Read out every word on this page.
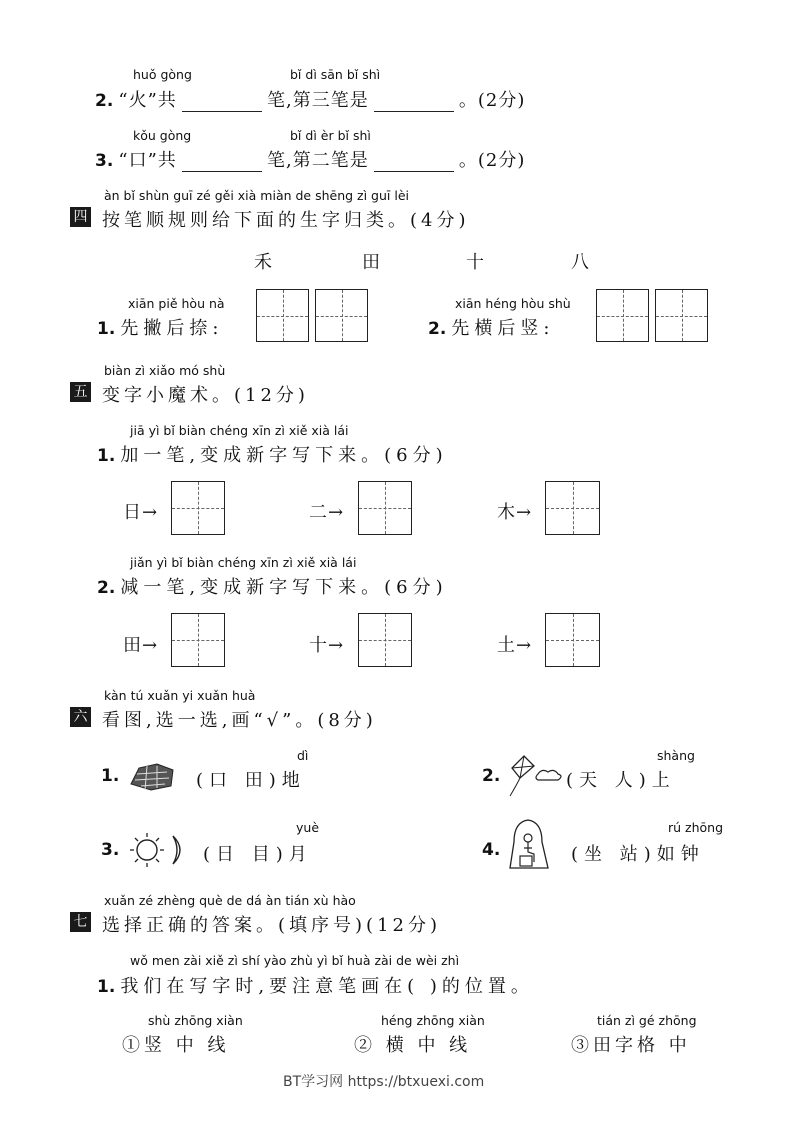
huǒ gòng	bǐ dì sān bǐ shì
2. “火”共	笔,第三笔是	。(2分)
kǒu gòng	bǐ dì èr bǐ shì
3. “口”共	笔,第二笔是	。(2分)
àn bǐ shùn guī zé gěi xià miàn de shēng zì guī lèi
四 按笔顺规则给下面的生字归类。(4分)
禾	田	十	八
xiān piě hòu nà
1. 先撇后捺:
xiān héng hòu shù
2. 先横后竖:
biàn zì xiǎo mó shù
五 变字小魔术。(12分)
jiā yì bǐ biàn chéng xīn zì xiě xià lái
1. 加一笔,变成新字写下来。(6分)
日→	二→	木→
jiǎn yì bǐ biàn chéng xīn zì xiě xià lái
2. 减一笔,变成新字写下来。(6分)
田→	十→	土→
kàn tú xuǎn yi xuǎn huà
六 看图,选一选,画“√”。(8分)
dì
1.	(口 田)地
shàng
2.	(天 人)上
yuè
3.	(日 目)月
rú zhōng
4.	(坐 站)如钟
xuǎn zé zhèng què de dá àn tián xù hào
七 选择正确的答案。(填序号)(12分)
wǒ men zài xiě zì shí yào zhù yì bǐ huà zài de wèi zhì
1. 我们在写字时,要注意笔画在( )的位置。
shù zhōng xiàn
①竖 中 线
héng zhōng xiàn
② 横 中 线
tián zì gé zhōng
③田字格 中
BT学习网 https://btxuexi.com
